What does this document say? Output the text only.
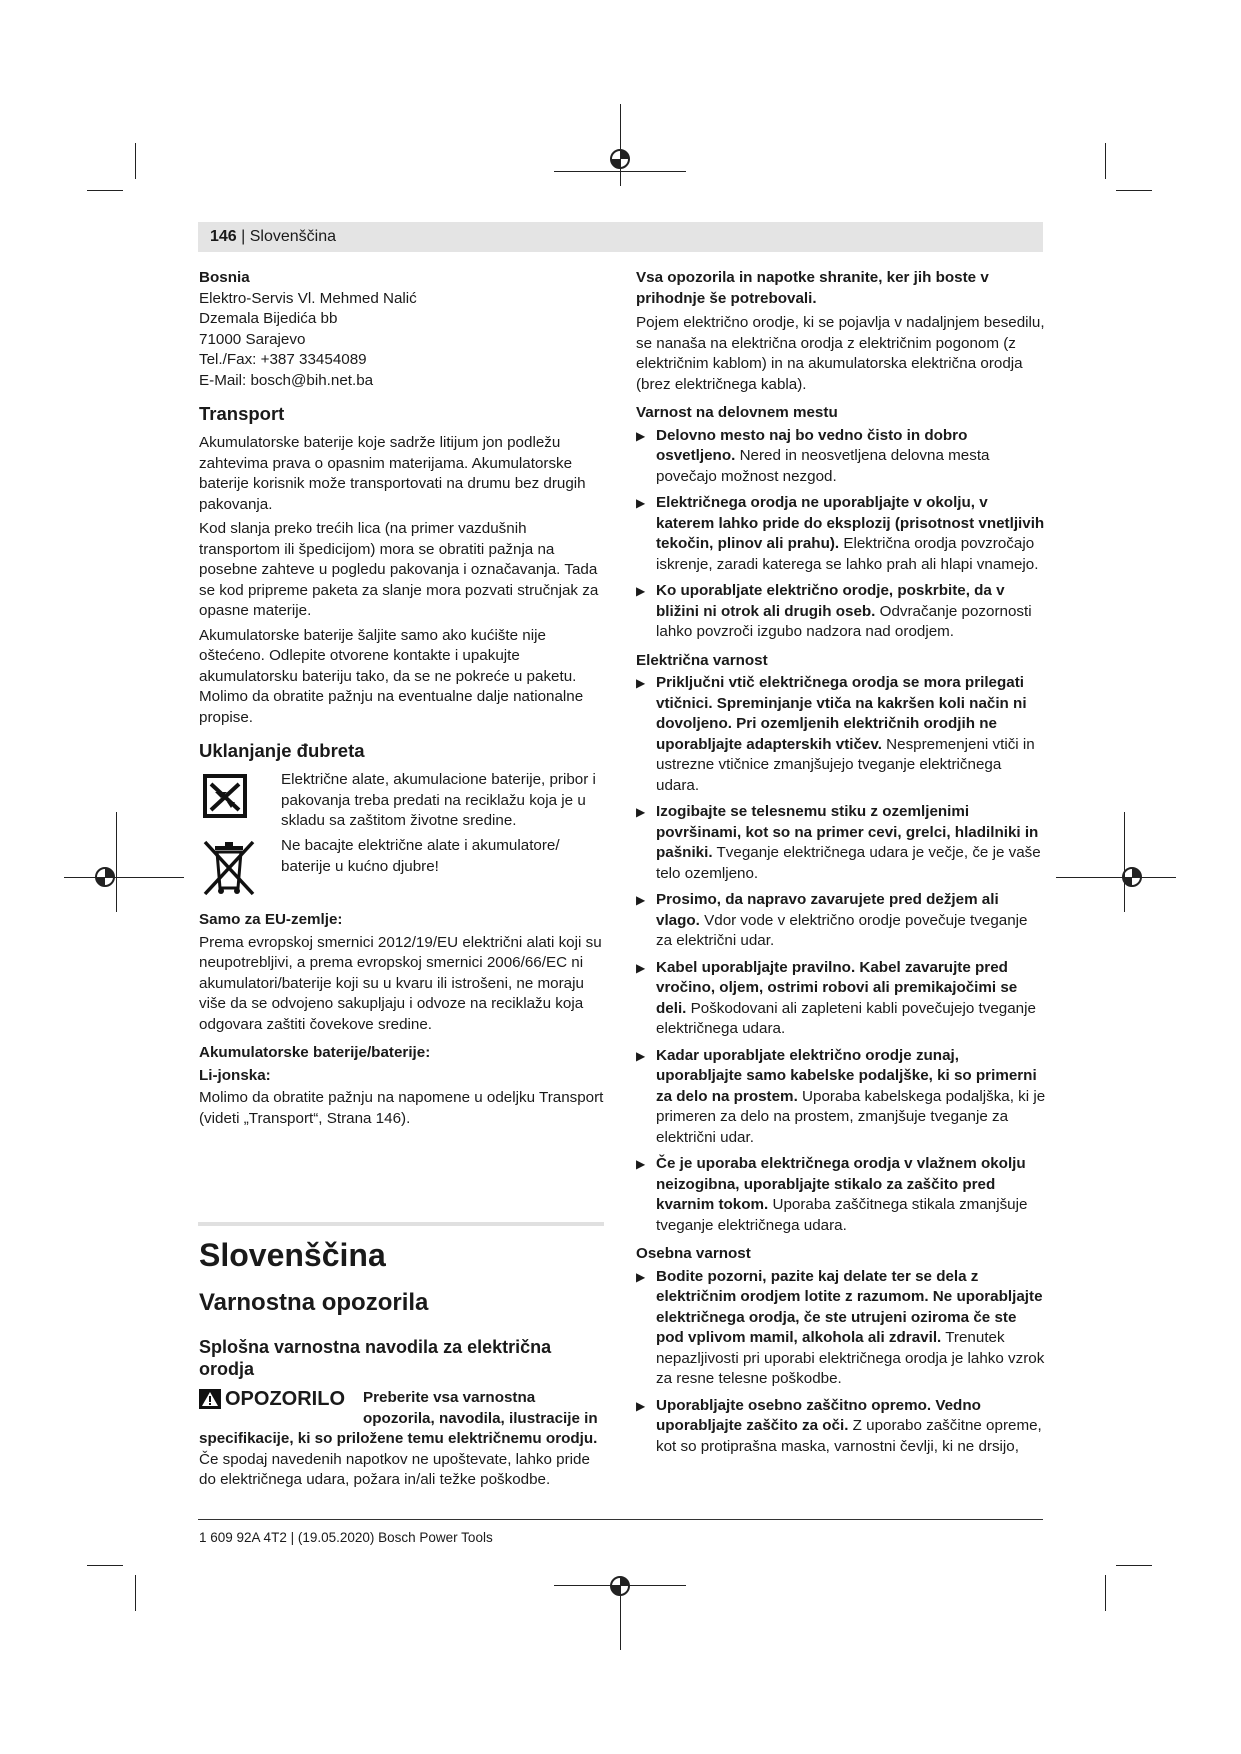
146 | Slovenščina
Bosnia
Elektro-Servis Vl. Mehmed Nalić
Dzemala Bijedića bb
71000 Sarajevo
Tel./Fax: +387 33454089
E-Mail: bosch@bih.net.ba
Transport

Akumulatorske baterije koje sadrže litijum jon podležu zahtevima prava o opasnim materijama. Akumulatorske baterije korisnik može transportovati na drumu bez drugih pakovanja.

Kod slanja preko trećih lica (na primer vazdušnih transportom ili špedicijom) mora se obratiti pažnja na posebne zahteve u pogledu pakovanja i označavanja. Tada se kod pripreme paketa za slanje mora pozvati stručnjak za opasne materije.

Akumulatorske baterije šaljite samo ako kućište nije oštećeno. Odlepite otvorene kontakte i upakujte akumulatorsku bateriju tako, da se ne pokreće u paketu. Molimo da obratite pažnju na eventualne dalje nationalne propise.

Uklanjanje đubreta

Električne alate, akumulacione baterije, pribor i pakovanja treba predati na reciklažu koja je u skladu sa zaštitom životne sredine.

Ne bacajte električne alate i akumulatore/ baterije u kućno djubre!

Samo za EU-zemlje:

Prema evropskoj smernici 2012/19/EU električni alati koji su neupotrebljivi, a prema evropskoj smernici 2006/66/EC ni akumulatori/baterije koji su u kvaru ili istrošeni, ne moraju više da se odvojeno sakupljaju i odvoze na reciklažu koja odgovara zaštiti čovekove sredine.

Akumulatorske baterije/baterije:
Li-jonska:

Molimo da obratite pažnju na napomene u odeljku Transport (videti „Transport“, Strana 146).

Slovenščina
Varnostna opozorila
Splošna varnostna navodila za električna orodja
OPOZORILO Preberite vsa varnostna opozorila, navodila, ilustracije in
specifikacije, ki so priložene temu električnemu orodju.

Če spodaj navedenih napotkov ne upoštevate, lahko pride do električnega udara, požara in/ali težke poškodbe.

Vsa opozorila in napotke shranite, ker jih boste v prihodnje še potrebovali.

Pojem električno orodje, ki se pojavlja v nadaljnjem besedilu, se nanaša na električna orodja z električnim pogonom (z električnim kablom) in na akumulatorska električna orodja (brez električnega kabla).

Varnost na delovnem mestu
▶ Delovno mesto naj bo vedno čisto in dobro osvetljeno. Nered in neosvetljena delovna mesta povečajo možnost nezgod.
▶ Električnega orodja ne uporabljajte v okolju, v katerem lahko pride do eksplozij (prisotnost vnetljivih tekočin, plinov ali prahu). Električna orodja povzročajo iskrenje, zaradi katerega se lahko prah ali hlapi vnamejo.
▶ Ko uporabljate električno orodje, poskrbite, da v bližini ni otrok ali drugih oseb. Odvračanje pozornosti lahko povzroči izgubo nadzora nad orodjem.
Električna varnost
▶ Priključni vtič električnega orodja se mora prilegati vtičnici. Spreminjanje vtiča na kakršen koli način ni dovoljeno. Pri ozemljenih električnih orodjih ne uporabljajte adapterskih vtičev. Nespremenjeni vtiči in ustrezne vtičnice zmanjšujejo tveganje električnega udara.
▶ Izogibajte se telesnemu stiku z ozemljenimi površinami, kot so na primer cevi, grelci, hladilniki in pašniki. Tveganje električnega udara je večje, če je vaše telo ozemljeno.
▶ Prosimo, da napravo zavarujete pred dežjem ali vlago. Vdor vode v električno orodje povečuje tveganje za električni udar.
▶ Kabel uporabljajte pravilno. Kabel zavarujte pred vročino, oljem, ostrimi robovi ali premikajočimi se deli. Poškodovani ali zapleteni kabli povečujejo tveganje električnega udara.
▶ Kadar uporabljate električno orodje zunaj, uporabljajte samo kabelske podaljške, ki so primerni za delo na prostem. Uporaba kabelskega podaljška, ki je primeren za delo na prostem, zmanjšuje tveganje za električni udar.
▶ Če je uporaba električnega orodja v vlažnem okolju neizogibna, uporabljajte stikalo za zaščito pred kvarnim tokom. Uporaba zaščitnega stikala zmanjšuje tveganje električnega udara.
Osebna varnost
▶ Bodite pozorni, pazite kaj delate ter se dela z električnim orodjem lotite z razumom. Ne uporabljajte električnega orodja, če ste utrujeni oziroma če ste pod vplivom mamil, alkohola ali zdravil. Trenutek nepazljivosti pri uporabi električnega orodja je lahko vzrok za resne telesne poškodbe.
▶ Uporabljajte osebno zaščitno opremo. Vedno uporabljajte zaščito za oči. Z uporabo zaščitne opreme, kot so protiprašna maska, varnostni čevlji, ki ne drsijo,
1 609 92A 4T2 | (19.05.2020) Bosch Power Tools
